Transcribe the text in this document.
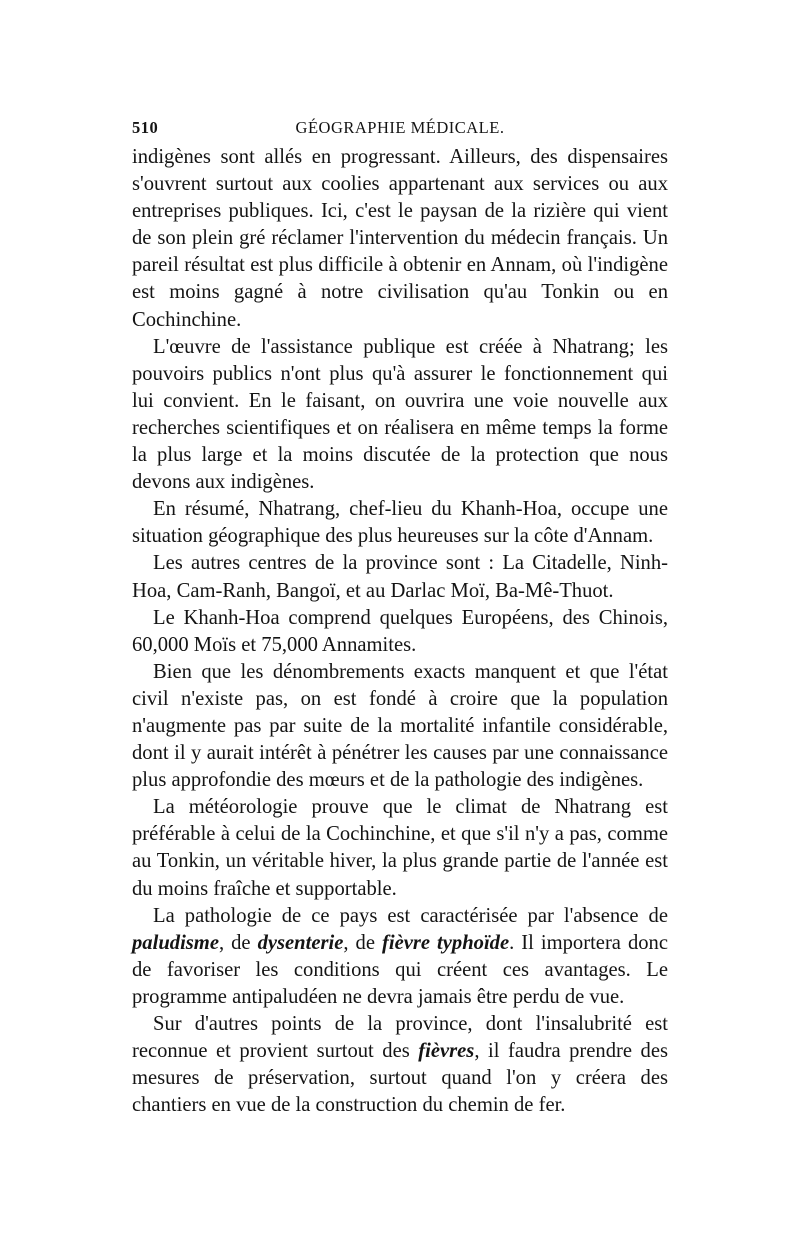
510	GÉOGRAPHIE MÉDICALE.

indigènes sont allés en progressant. Ailleurs, des dispensaires s'ouvrent surtout aux coolies appartenant aux services ou aux entreprises publiques. Ici, c'est le paysan de la rizière qui vient de son plein gré réclamer l'intervention du médecin français. Un pareil résultat est plus difficile à obtenir en Annam, où l'indigène est moins gagné à notre civilisation qu'au Tonkin ou en Cochinchine.

L'œuvre de l'assistance publique est créée à Nhatrang; les pouvoirs publics n'ont plus qu'à assurer le fonctionnement qui lui convient. En le faisant, on ouvrira une voie nouvelle aux recherches scientifiques et on réalisera en même temps la forme la plus large et la moins discutée de la protection que nous devons aux indigènes.

En résumé, Nhatrang, chef-lieu du Khanh-Hoa, occupe une situation géographique des plus heureuses sur la côte d'Annam.

Les autres centres de la province sont : La Citadelle, Ninh-Hoa, Cam-Ranh, Bangoï, et au Darlac Moï, Ba-Mê-Thuot.

Le Khanh-Hoa comprend quelques Européens, des Chinois, 60,000 Moïs et 75,000 Annamites.

Bien que les dénombrements exacts manquent et que l'état civil n'existe pas, on est fondé à croire que la population n'augmente pas par suite de la mortalité infantile considérable, dont il y aurait intérêt à pénétrer les causes par une connaissance plus approfondie des mœurs et de la pathologie des indigènes.

La météorologie prouve que le climat de Nhatrang est préférable à celui de la Cochinchine, et que s'il n'y a pas, comme au Tonkin, un véritable hiver, la plus grande partie de l'année est du moins fraîche et supportable.

La pathologie de ce pays est caractérisée par l'absence de paludisme, de dysenterie, de fièvre typhoïde. Il importera donc de favoriser les conditions qui créent ces avantages. Le programme antipaludéen ne devra jamais être perdu de vue.

Sur d'autres points de la province, dont l'insalubrité est reconnue et provient surtout des fièvres, il faudra prendre des mesures de préservation, surtout quand l'on y créera des chantiers en vue de la construction du chemin de fer.
